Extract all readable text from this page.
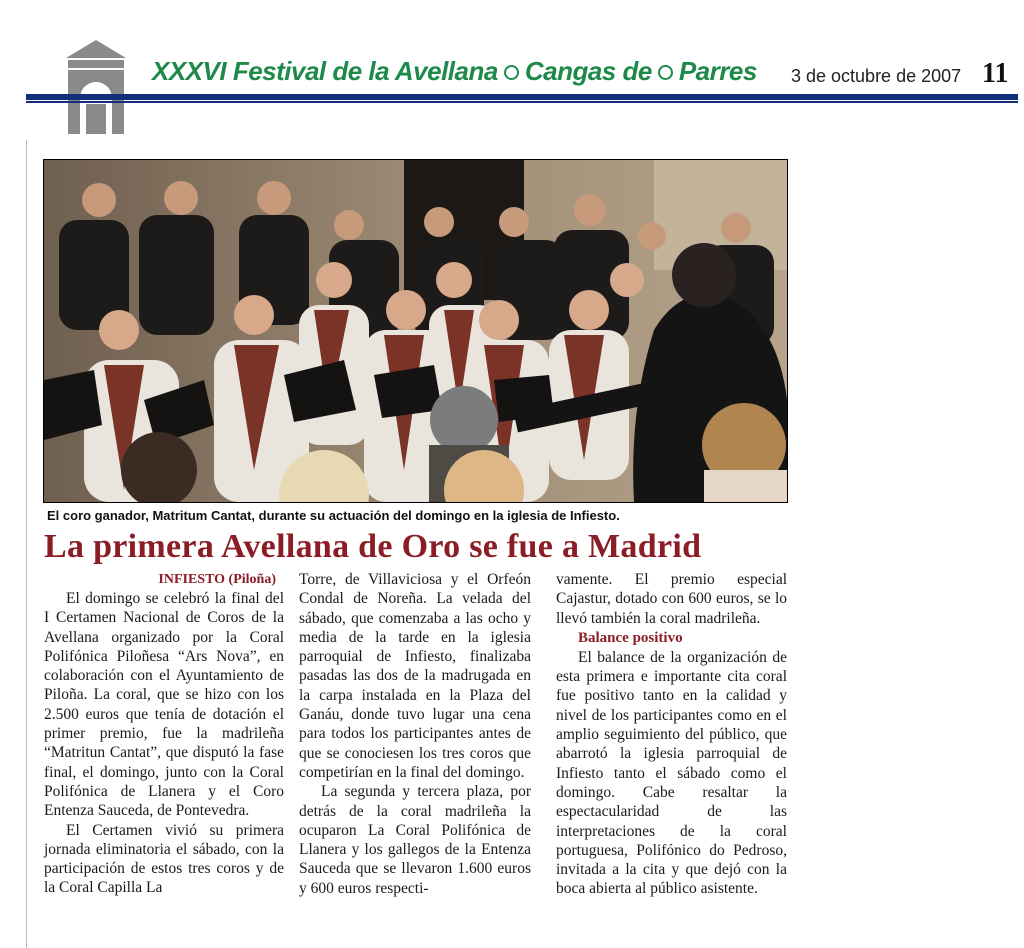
XXXVI Festival de la Avellana Cangas de Parres 3 de octubre de 2007 11
El coro ganador, Matritum Cantat, durante su actuación del domingo en la iglesia de Infiesto.
La primera Avellana de Oro se fue a Madrid
INFIESTO (Piloña)

El domingo se celebró la final del I Certamen Nacional de Coros de la Avellana organizado por la Coral Polifónica Piloñesa “Ars Nova”, en colaboración con el Ayuntamiento de Piloña. La coral, que se hizo con los 2.500 euros que tenía de dotación el primer premio, fue la madrileña “Matritun Cantat”, que disputó la fase final, el domingo, junto con la Coral Polifónica de Llanera y el Coro Entenza Sauceda, de Pontevedra.

El Certamen vivió su primera jornada eliminatoria el sábado, con la participación de estos tres coros y de la Coral Capilla La

Torre, de Villaviciosa y el Orfeón Condal de Noreña. La velada del sábado, que comenzaba a las ocho y media de la tarde en la iglesia parroquial de Infiesto, finalizaba pasadas las dos de la madrugada en la carpa instalada en la Plaza del Ganáu, donde tuvo lugar una cena para todos los participantes antes de que se conociesen los tres coros que competirían en la final del domingo.

La segunda y tercera plaza, por detrás de la coral madrileña la ocuparon La Coral Polifónica de Llanera y los gallegos de la Entenza Sauceda que se llevaron 1.600 euros y 600 euros respecti-

vamente. El premio especial Cajastur, dotado con 600 euros, se lo llevó también la coral madrileña.

Balance positivo

El balance de la organización de esta primera e importante cita coral fue positivo tanto en la calidad y nivel de los participantes como en el amplio seguimiento del público, que abarrotó la iglesia parroquial de Infiesto tanto el sábado como el domingo. Cabe resaltar la espectacularidad de las interpretaciones de la coral portuguesa, Polifónico do Pedroso, invitada a la cita y que dejó con la boca abierta al público asistente.
